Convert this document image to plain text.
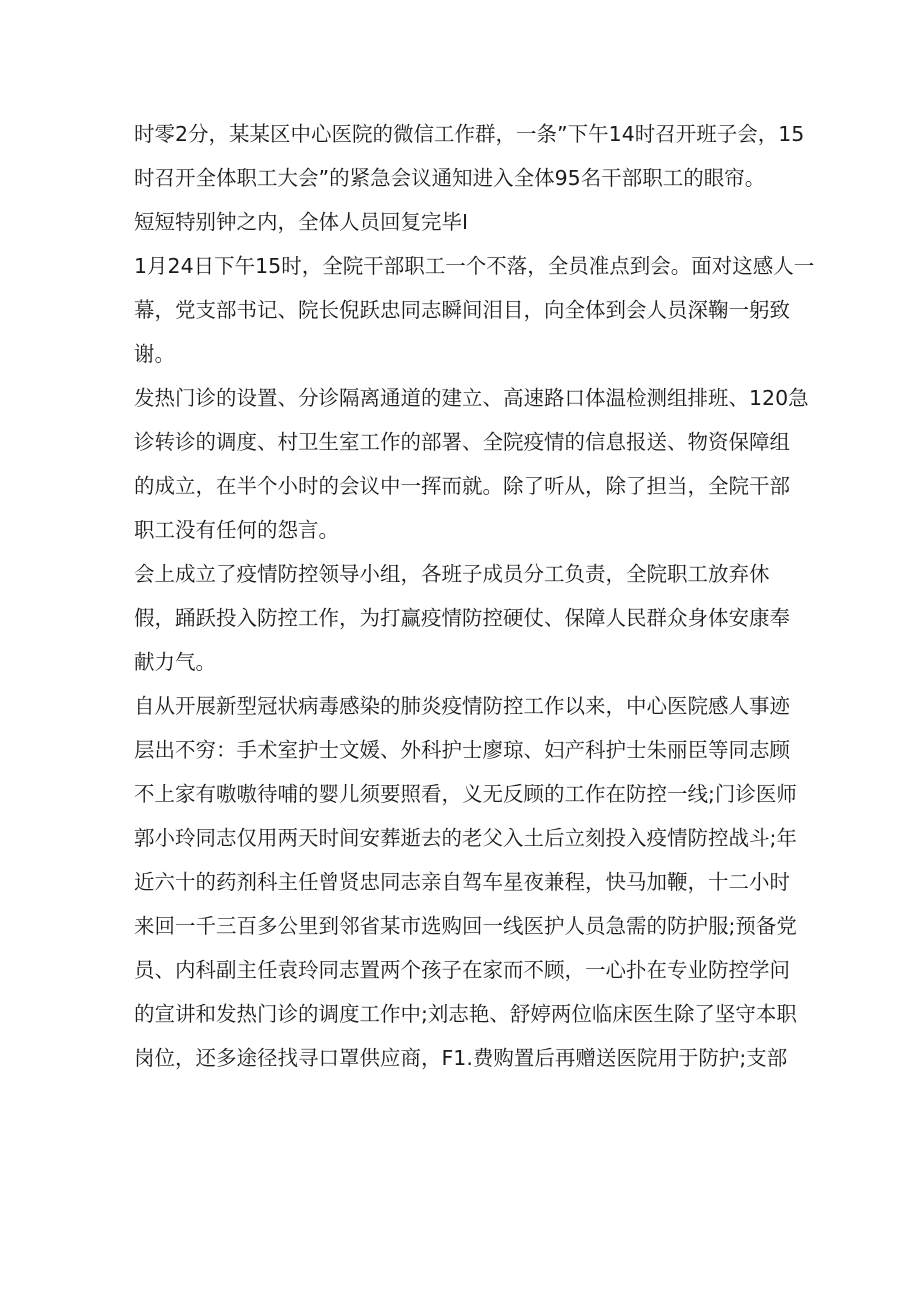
时零2分，某某区中心医院的微信工作群，一条”下午14时召开班子会，15
时召开全体职工大会”的紧急会议通知进入全体95名干部职工的眼帘。
短短特别钟之内，全体人员回复完毕I
1月24日下午15时，全院干部职工一个不落，全员准点到会。面对这感人一
幕，党支部书记、院长倪跃忠同志瞬间泪目，向全体到会人员深鞠一躬致
谢。
发热门诊的设置、分诊隔离通道的建立、高速路口体温检测组排班、120急
诊转诊的调度、村卫生室工作的部署、全院疫情的信息报送、物资保障组
的成立，在半个小时的会议中一挥而就。除了听从，除了担当，全院干部
职工没有任何的怨言。
会上成立了疫情防控领导小组，各班子成员分工负责，全院职工放弃休
假，踊跃投入防控工作，为打赢疫情防控硬仗、保障人民群众身体安康奉
献力气。
自从开展新型冠状病毒感染的肺炎疫情防控工作以来，中心医院感人事迹
层出不穷：手术室护士文媛、外科护士廖琼、妇产科护士朱丽臣等同志顾
不上家有嗷嗷待哺的婴儿须要照看，义无反顾的工作在防控一线;门诊医师
郭小玲同志仅用两天时间安葬逝去的老父入土后立刻投入疫情防控战斗;年
近六十的药剂科主任曾贤忠同志亲自驾车星夜兼程，快马加鞭，十二小时
来回一千三百多公里到邻省某市选购回一线医护人员急需的防护服;预备党
员、内科副主任袁玲同志置两个孩子在家而不顾，一心扑在专业防控学问
的宣讲和发热门诊的调度工作中;刘志艳、舒婷两位临床医生除了坚守本职
岗位，还多途径找寻口罩供应商，F1.费购置后再赠送医院用于防护;支部
